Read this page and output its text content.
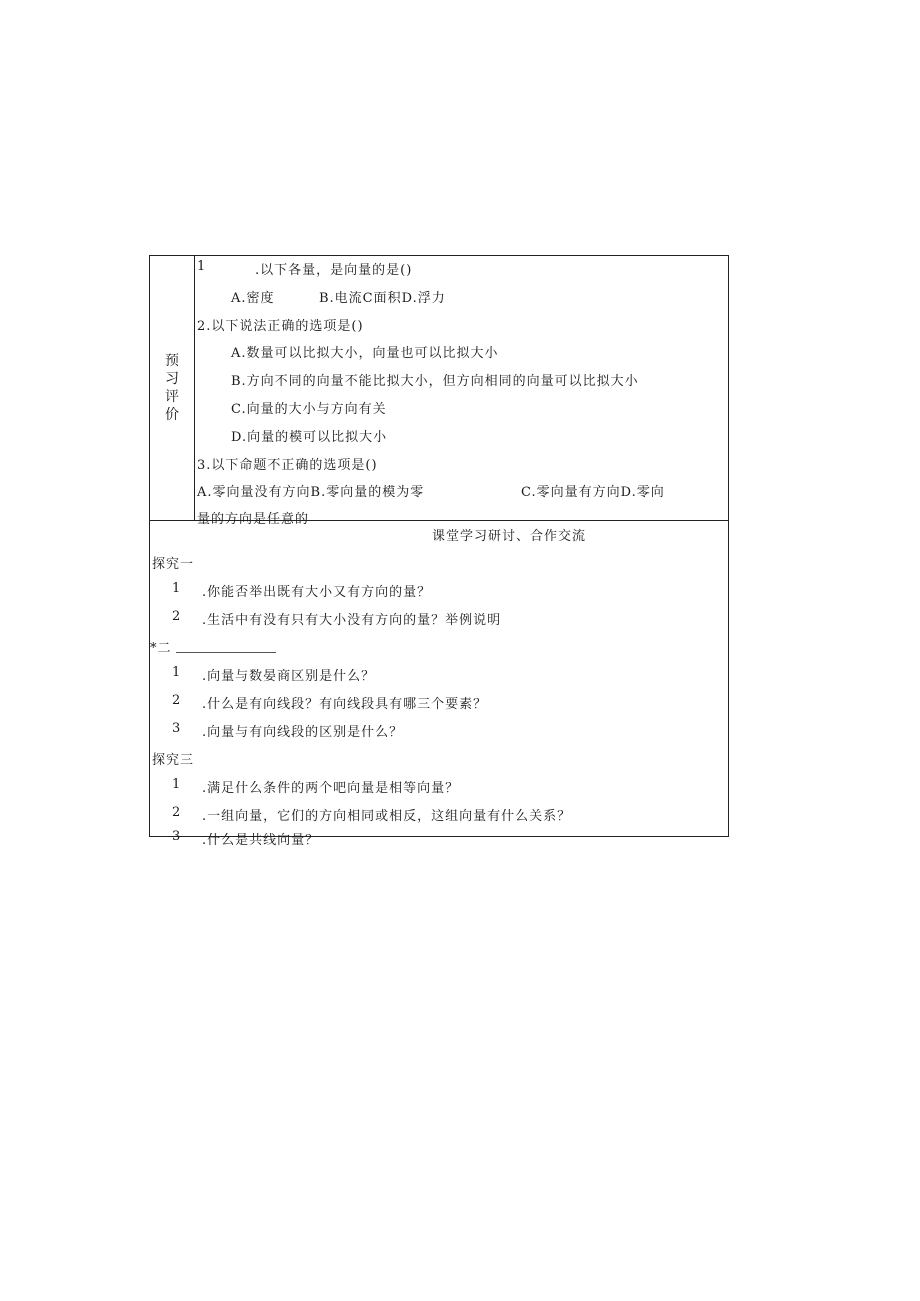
预习评价
1	.以下各量，是向量的是()
A.密度	B.电流C面积D.浮力
2.以下说法正确的选项是()
A.数量可以比拟大小，向量也可以比拟大小
B.方向不同的向量不能比拟大小，但方向相同的向量可以比拟大小
C.向量的大小与方向有关
D.向量的模可以比拟大小
3.以下命题不正确的选项是()
A.零向量没有方向B.零向量的模为零	C.零向量有方向D.零向
量的方向是任意的
课堂学习研讨、合作交流
探究一
1 .你能否举出既有大小又有方向的量？
2 .生活中有没有只有大小没有方向的量？举例说明
*二
1 .向量与数晏商区别是什么？
2 .什么是有向线段？有向线段具有哪三个要素？
3 .向量与有向线段的区别是什么？
探究三
1 .满足什么条件的两个吧向量是相等向量？
2 .一组向量，它们的方向相同或相反，这组向量有什么关系？
3 .什么是共线向量？
